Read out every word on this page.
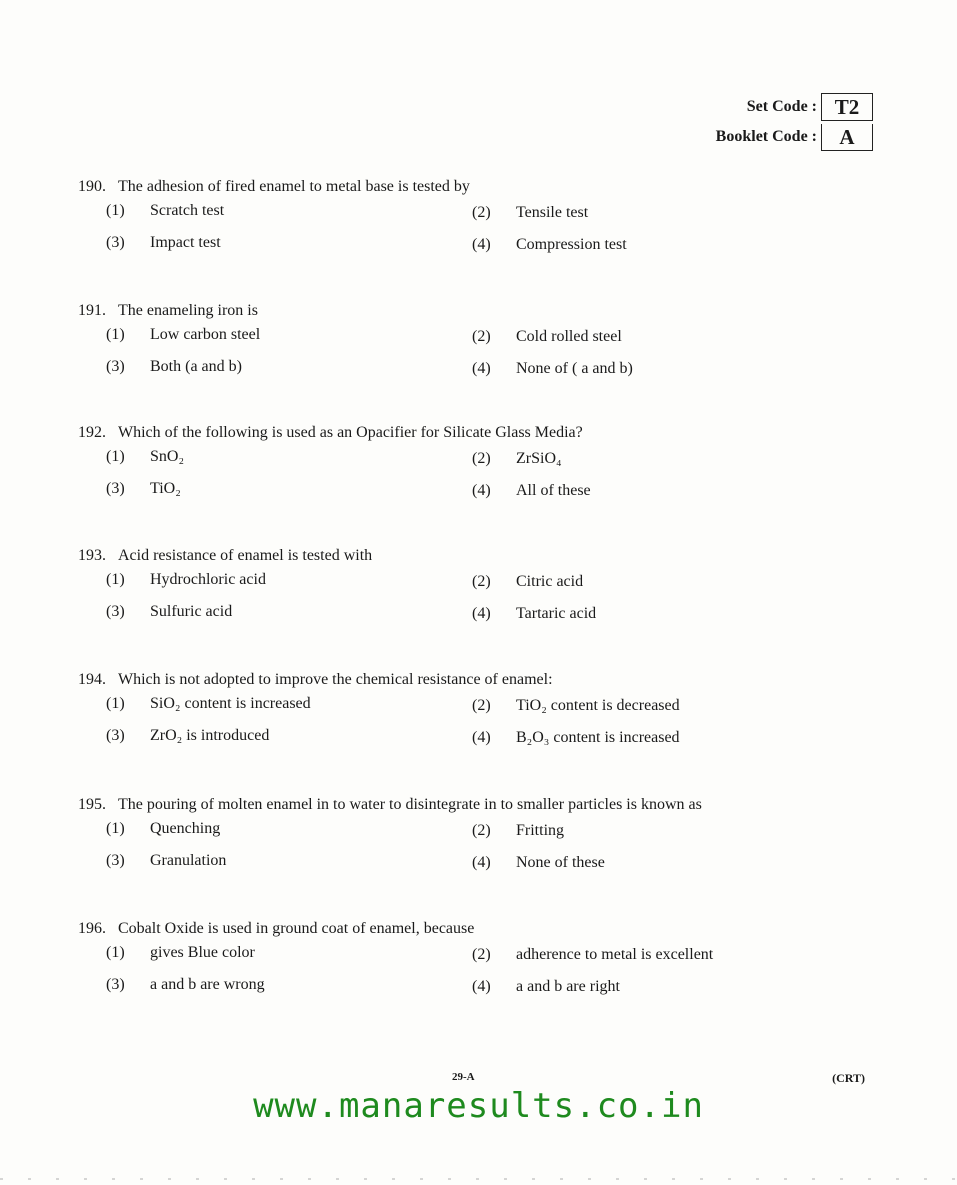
Set Code : T2
Booklet Code :	A
190. The adhesion of fired enamel to metal base is tested by
(1)	Scratch test	(2)	Tensile test
(3)	Impact test	(4)	Compression test
191. The enameling iron is
(1)	Low carbon steel	(2)	Cold rolled steel
(3)	Both (a and b)	(4)	None of ( a and b)
192. Which of the following is used as an Opacifier for Silicate Glass Media?
(1)	SnO₂	(2)	ZrSiO₄
(3)	TiO₂	(4)	All of these
193. Acid resistance of enamel is tested with
(1)	Hydrochloric acid	(2)	Citric acid
(3)	Sulfuric acid	(4)	Tartaric acid
194. Which is not adopted to improve the chemical resistance of enamel:
(1)	SiO₂ content is increased	(2)	TiO₂ content is decreased
(3)	ZrO₂ is introduced	(4)	B₂O₃ content is increased
195. The pouring of molten enamel in to water to disintegrate in to smaller particles is known as
(1)	Quenching	(2)	Fritting
(3)	Granulation	(4)	None of these
196. Cobalt Oxide is used in ground coat of enamel, because
(1)	gives Blue color	(2)	adherence to metal is excellent
(3)	a and b are wrong	(4)	a and b are right
29-A	(CRT)
www.manaresults.co.in
